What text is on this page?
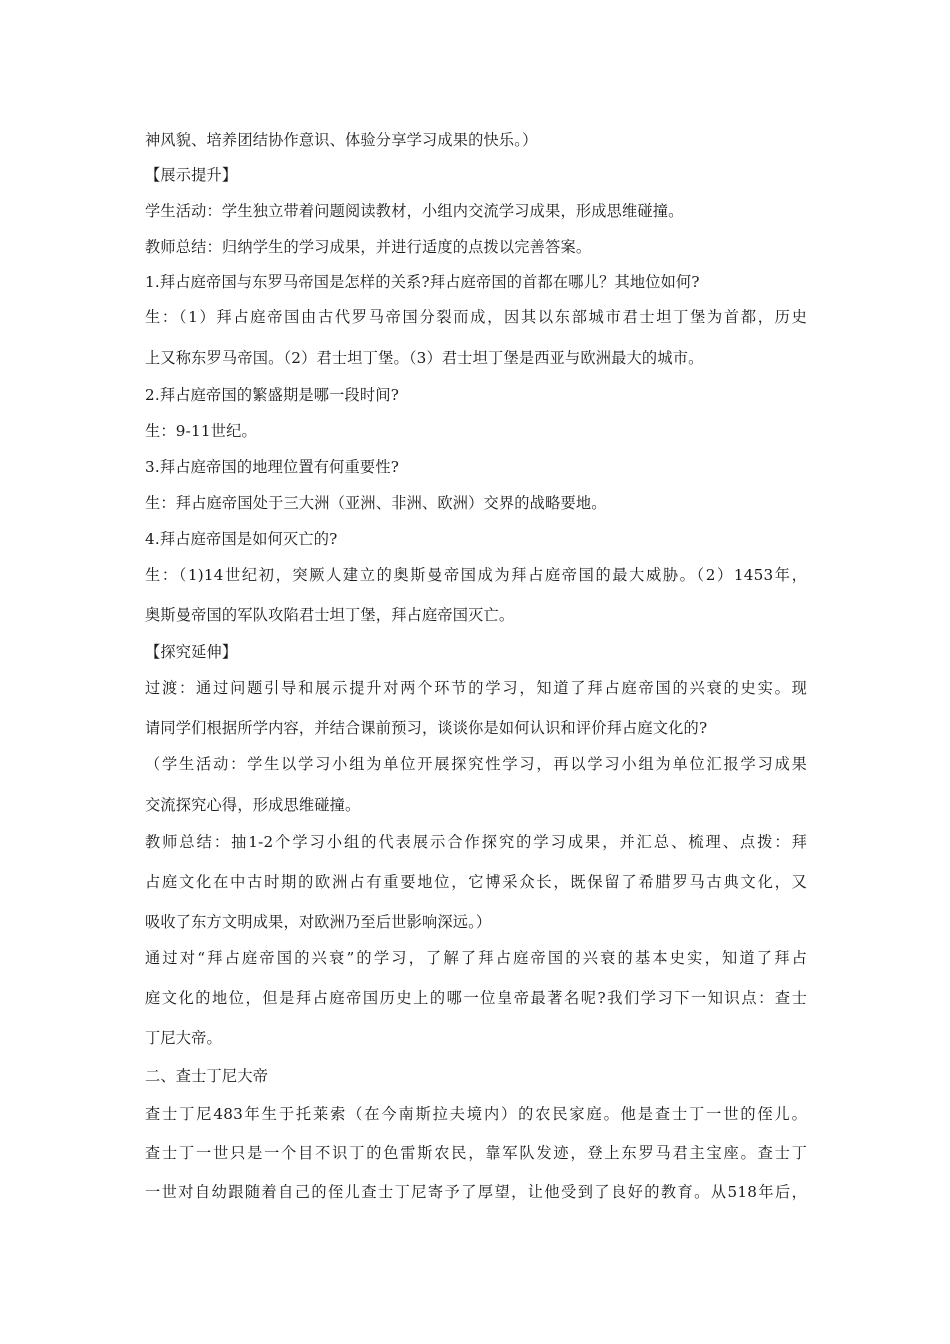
神风貌、培养团结协作意识、体验分享学习成果的快乐。）
【展示提升】
学生活动：学生独立带着问题阅读教材，小组内交流学习成果，形成思维碰撞。
教师总结：归纳学生的学习成果，并进行适度的点拨以完善答案。
1.拜占庭帝国与东罗马帝国是怎样的关系?拜占庭帝国的首都在哪儿？其地位如何?
生：（1）拜占庭帝国由古代罗马帝国分裂而成，因其以东部城市君士坦丁堡为首都，历史
上又称东罗马帝国。（2）君士坦丁堡。（3）君士坦丁堡是西亚与欧洲最大的城市。
2.拜占庭帝国的繁盛期是哪一段时间?
生：9-11世纪。
3.拜占庭帝国的地理位置有何重要性?
生：拜占庭帝国处于三大洲（亚洲、非洲、欧洲）交界的战略要地。
4.拜占庭帝国是如何灭亡的?
生：（1)14世纪初，突厥人建立的奥斯曼帝国成为拜占庭帝国的最大威胁。（2）1453年，
奥斯曼帝国的军队攻陷君士坦丁堡，拜占庭帝国灭亡。
【探究延伸】
过渡：通过问题引导和展示提升对两个环节的学习，知道了拜占庭帝国的兴衰的史实。现
请同学们根据所学内容，并结合课前预习，谈谈你是如何认识和评价拜占庭文化的?
（学生活动：学生以学习小组为单位开展探究性学习，再以学习小组为单位汇报学习成果
交流探究心得，形成思维碰撞。
教师总结：抽1-2个学习小组的代表展示合作探究的学习成果，并汇总、梳理、点拨：拜
占庭文化在中古时期的欧洲占有重要地位，它博采众长，既保留了希腊罗马古典文化，又
吸收了东方文明成果，对欧洲乃至后世影响深远。）
通过对“拜占庭帝国的兴衰”的学习，了解了拜占庭帝国的兴衰的基本史实，知道了拜占
庭文化的地位，但是拜占庭帝国历史上的哪一位皇帝最著名呢?我们学习下一知识点：查士
丁尼大帝。
二、查士丁尼大帝
查士丁尼483年生于托莱索（在今南斯拉夫境内）的农民家庭。他是查士丁一世的侄儿。
查士丁一世只是一个目不识丁的色雷斯农民，靠军队发迹，登上东罗马君主宝座。查士丁
一世对自幼跟随着自己的侄儿查士丁尼寄予了厚望，让他受到了良好的教育。从518年后，
